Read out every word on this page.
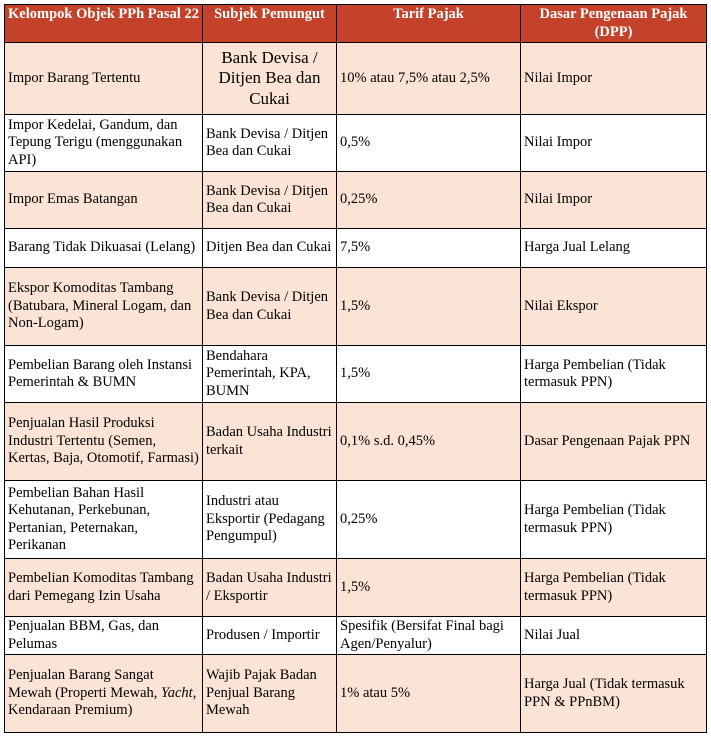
Kelompok Objek PPh Pasal 22	Subjek Pemungut	Tarif Pajak	Dasar Pengenaan Pajak (DPP)
Impor Barang Tertentu	Bank Devisa / Ditjen Bea dan Cukai	10% atau 7,5% atau 2,5%	Nilai Impor
Impor Kedelai, Gandum, dan Tepung Terigu (menggunakan API)	Bank Devisa / Ditjen Bea dan Cukai	0,5%	Nilai Impor
Impor Emas Batangan	Bank Devisa / Ditjen Bea dan Cukai	0,25%	Nilai Impor
Barang Tidak Dikuasai (Lelang)	Ditjen Bea dan Cukai	7,5%	Harga Jual Lelang
Ekspor Komoditas Tambang (Batubara, Mineral Logam, dan Non-Logam)	Bank Devisa / Ditjen Bea dan Cukai	1,5%	Nilai Ekspor
Pembelian Barang oleh Instansi Pemerintah & BUMN	Bendahara Pemerintah, KPA, BUMN	1,5%	Harga Pembelian (Tidak termasuk PPN)
Penjualan Hasil Produksi Industri Tertentu (Semen, Kertas, Baja, Otomotif, Farmasi)	Badan Usaha Industri terkait	0,1% s.d. 0,45%	Dasar Pengenaan Pajak PPN
Pembelian Bahan Hasil Kehutanan, Perkebunan, Pertanian, Peternakan, Perikanan	Industri atau Eksportir (Pedagang Pengumpul)	0,25%	Harga Pembelian (Tidak termasuk PPN)
Pembelian Komoditas Tambang dari Pemegang Izin Usaha	Badan Usaha Industri / Eksportir	1,5%	Harga Pembelian (Tidak termasuk PPN)
Penjualan BBM, Gas, dan Pelumas	Produsen / Importir	Spesifik (Bersifat Final bagi Agen/Penyalur)	Nilai Jual
Penjualan Barang Sangat Mewah (Properti Mewah, Yacht, Kendaraan Premium)	Wajib Pajak Badan Penjual Barang Mewah	1% atau 5%	Harga Jual (Tidak termasuk PPN & PPnBM)
